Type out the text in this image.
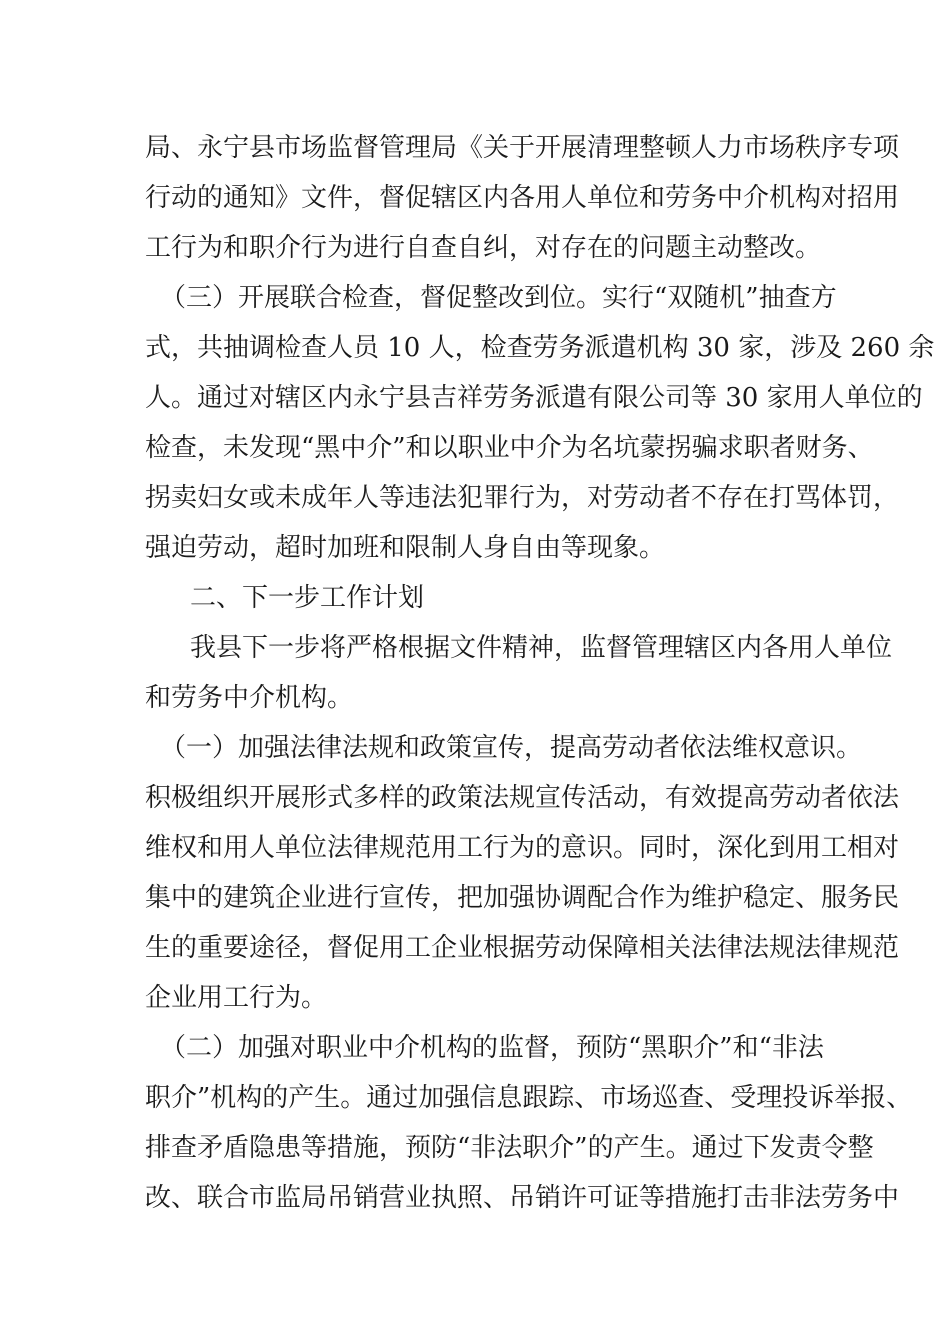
局、永宁县市场监督管理局《关于开展清理整顿人力市场秩序专项
行动的通知》文件，督促辖区内各用人单位和劳务中介机构对招用
工行为和职介行为进行自查自纠，对存在的问题主动整改。
（三）开展联合检查，督促整改到位。实行“双随机”抽查方
式，共抽调检查人员 10 人，检查劳务派遣机构 30 家，涉及 260 余
人。通过对辖区内永宁县吉祥劳务派遣有限公司等 30 家用人单位的
检查，未发现“黑中介”和以职业中介为名坑蒙拐骗求职者财务、
拐卖妇女或未成年人等违法犯罪行为，对劳动者不存在打骂体罚，
强迫劳动，超时加班和限制人身自由等现象。
二、下一步工作计划
我县下一步将严格根据文件精神，监督管理辖区内各用人单位
和劳务中介机构。
（一）加强法律法规和政策宣传，提高劳动者依法维权意识。
积极组织开展形式多样的政策法规宣传活动，有效提高劳动者依法
维权和用人单位法律规范用工行为的意识。同时，深化到用工相对
集中的建筑企业进行宣传，把加强协调配合作为维护稳定、服务民
生的重要途径，督促用工企业根据劳动保障相关法律法规法律规范
企业用工行为。
（二）加强对职业中介机构的监督，预防“黑职介”和“非法
职介”机构的产生。通过加强信息跟踪、市场巡查、受理投诉举报、
排查矛盾隐患等措施，预防“非法职介”的产生。通过下发责令整
改、联合市监局吊销营业执照、吊销许可证等措施打击非法劳务中
